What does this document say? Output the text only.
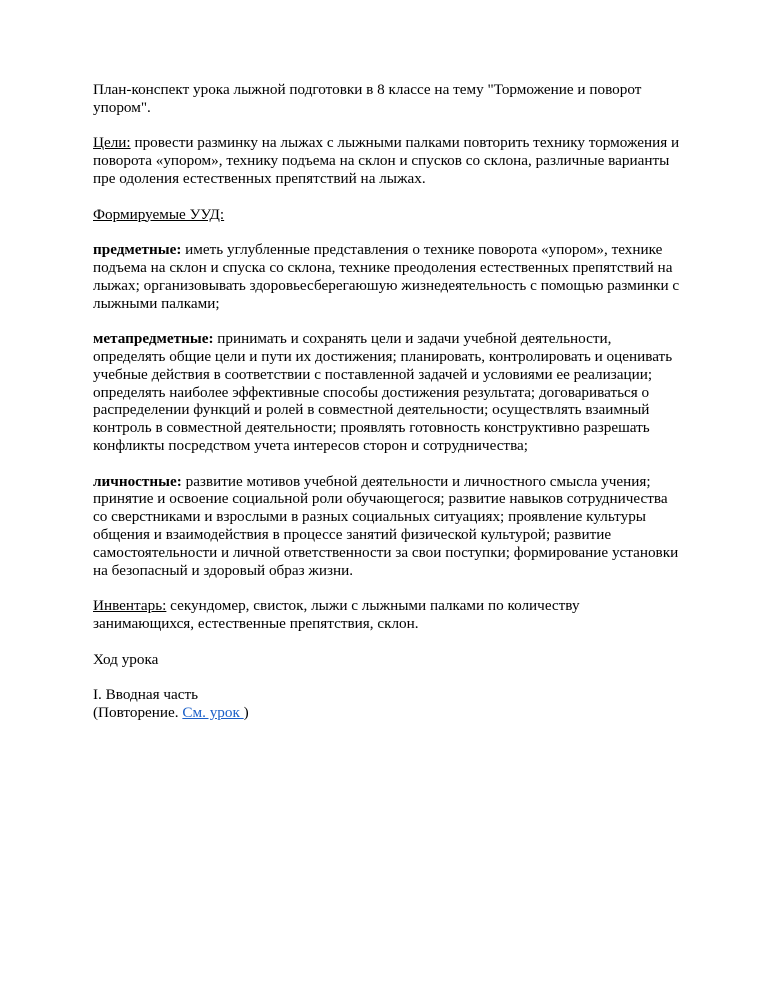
План-конспект урока лыжной подготовки в 8 классе на тему "Торможение и поворот упором".

Цели: провести разминку на лыжах с лыжными палками повторить технику торможения и поворота «упором», технику подъема на склон и спусков со склона, различные варианты пре одоления естественных препятствий на лыжах.

Формируемые УУД:

предметные: иметь углубленные представления о технике поворота «упором», технике подъема на склон и спуска со склона, технике преодоления естественных препятствий на лыжах; организовывать здоровьесберегаюшую жизнедеятельность с помощью разминки с лыжными палками;

метапредметные: принимать и сохранять цели и задачи учебной деятельности, определять общие цели и пути их достижения; планировать, контролировать и оценивать учебные действия в соответствии с поставленной задачей и условиями ее реализации; определять наиболее эффективные способы достижения результата; договариваться о распределении функций и ролей в совместной деятельности; осуществлять взаимный контроль в совместной деятельности; проявлять готовность конструктивно разрешать конфликты посредством учета интересов сторон и сотрудничества;

личностные: развитие мотивов учебной деятельности и личностного смысла учения; принятие и освоение социальной роли обучающегося; развитие навыков сотрудничества со сверстниками и взрослыми в разных социальных ситуациях; проявление культуры общения и взаимодействия в процессе занятий физической культурой; развитие самостоятельности и личной ответственности за свои поступки; формирование установки на безопасный и здоровый образ жизни.

Инвентарь: секундомер, свисток, лыжи с лыжными палками по количеству занимающихся, естественные препятствия, склон.

Ход урока

I. Вводная часть
(Повторение. См. урок )
